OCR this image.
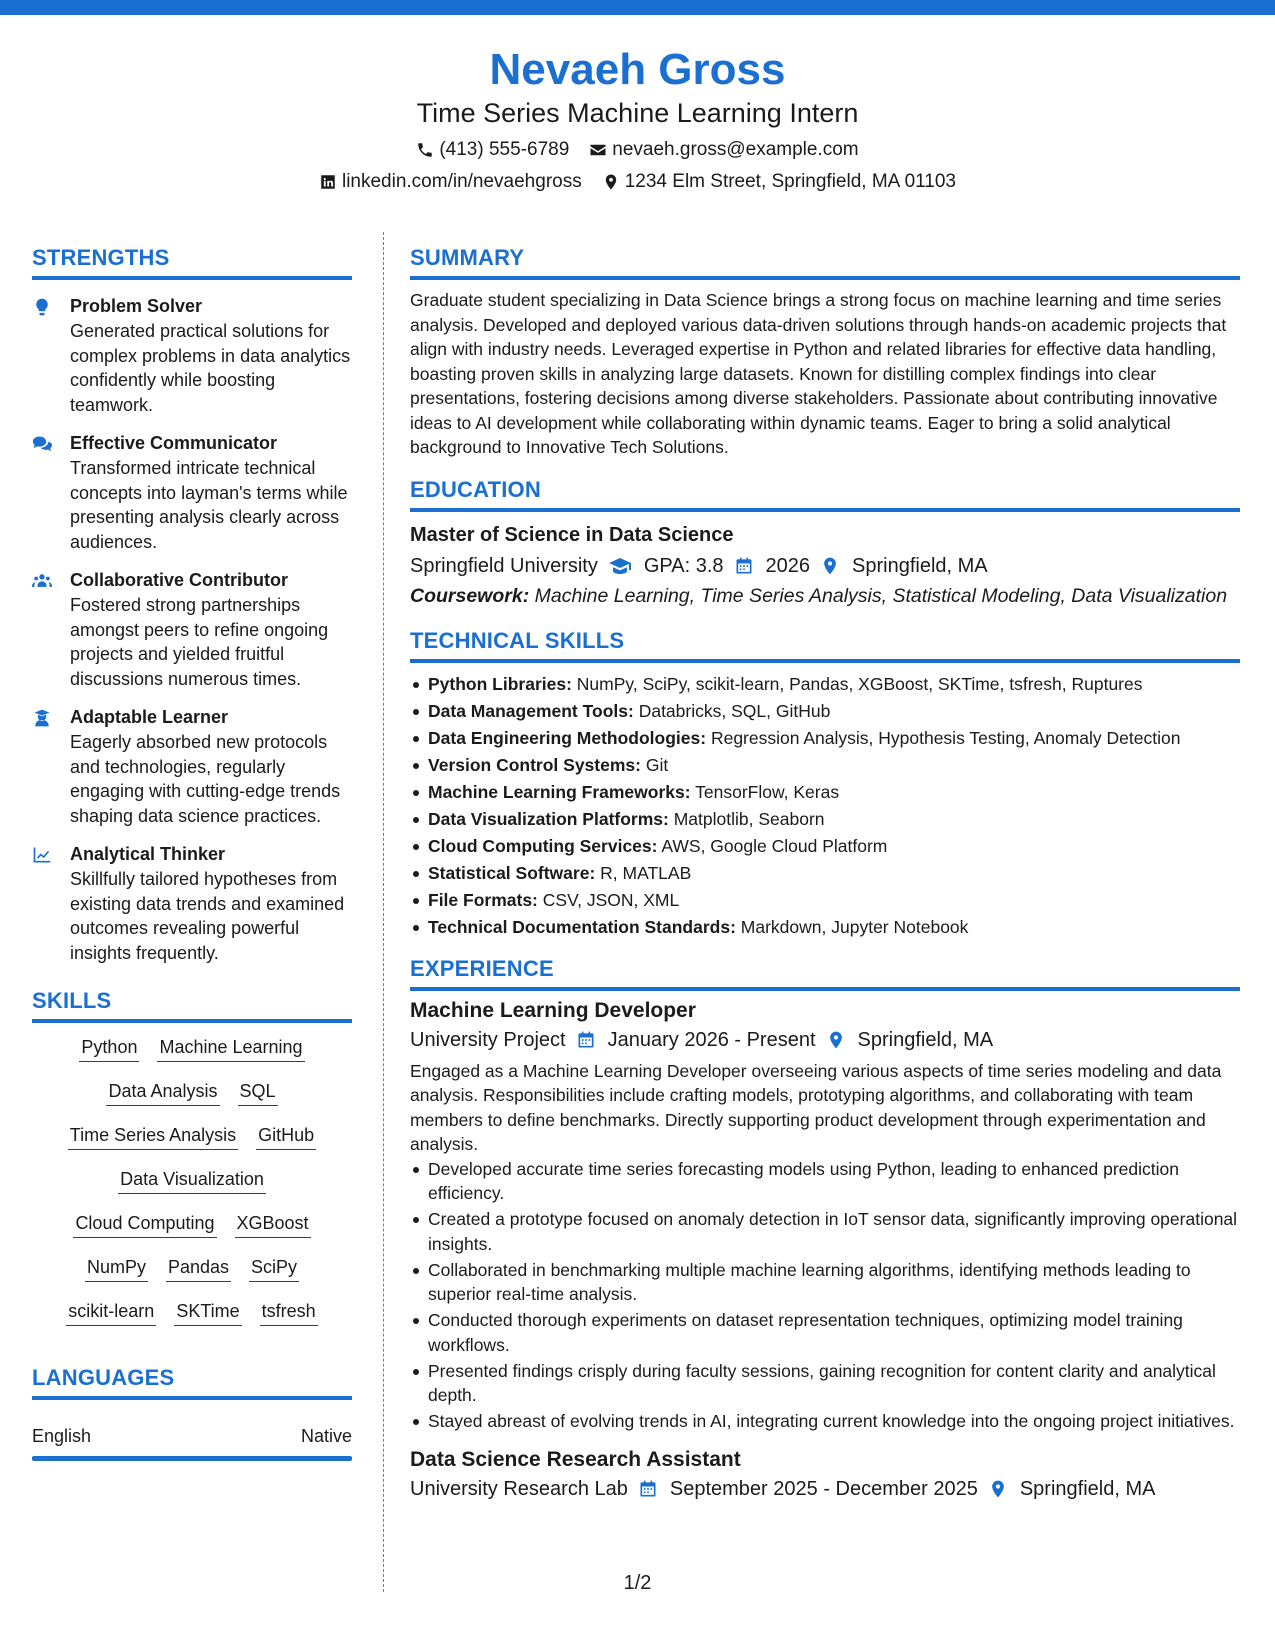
Nevaeh Gross
Time Series Machine Learning Intern
(413) 555-6789 nevaeh.gross@example.com
linkedin.com/in/nevaehgross 1234 Elm Street, Springfield, MA 01103
STRENGTHS
Problem Solver
Generated practical solutions for complex problems in data analytics confidently while boosting teamwork.
Effective Communicator
Transformed intricate technical concepts into layman's terms while presenting analysis clearly across audiences.
Collaborative Contributor
Fostered strong partnerships amongst peers to refine ongoing projects and yielded fruitful discussions numerous times.
Adaptable Learner
Eagerly absorbed new protocols and technologies, regularly engaging with cutting-edge trends shaping data science practices.
Analytical Thinker
Skillfully tailored hypotheses from existing data trends and examined outcomes revealing powerful insights frequently.
SKILLS
Python Machine Learning
Data Analysis SQL
Time Series Analysis GitHub
Data Visualization
Cloud Computing XGBoost
NumPy Pandas SciPy
scikit-learn SKTime tsfresh
LANGUAGES
English	Native
SUMMARY
Graduate student specializing in Data Science brings a strong focus on machine learning and time series analysis. Developed and deployed various data-driven solutions through hands-on academic projects that align with industry needs. Leveraged expertise in Python and related libraries for effective data handling, boasting proven skills in analyzing large datasets. Known for distilling complex findings into clear presentations, fostering decisions among diverse stakeholders. Passionate about contributing innovative ideas to AI development while collaborating within dynamic teams. Eager to bring a solid analytical background to Innovative Tech Solutions.
EDUCATION
Master of Science in Data Science
Springfield University GPA: 3.8 2026 Springfield, MA
Coursework: Machine Learning, Time Series Analysis, Statistical Modeling, Data Visualization
TECHNICAL SKILLS
Python Libraries: NumPy, SciPy, scikit-learn, Pandas, XGBoost, SKTime, tsfresh, Ruptures
Data Management Tools: Databricks, SQL, GitHub
Data Engineering Methodologies: Regression Analysis, Hypothesis Testing, Anomaly Detection
Version Control Systems: Git
Machine Learning Frameworks: TensorFlow, Keras
Data Visualization Platforms: Matplotlib, Seaborn
Cloud Computing Services: AWS, Google Cloud Platform
Statistical Software: R, MATLAB
File Formats: CSV, JSON, XML
Technical Documentation Standards: Markdown, Jupyter Notebook
EXPERIENCE
Machine Learning Developer
University Project January 2026 - Present Springfield, MA
Engaged as a Machine Learning Developer overseeing various aspects of time series modeling and data analysis. Responsibilities include crafting models, prototyping algorithms, and collaborating with team members to define benchmarks. Directly supporting product development through experimentation and analysis.
Developed accurate time series forecasting models using Python, leading to enhanced prediction efficiency.
Created a prototype focused on anomaly detection in IoT sensor data, significantly improving operational insights.
Collaborated in benchmarking multiple machine learning algorithms, identifying methods leading to superior real-time analysis.
Conducted thorough experiments on dataset representation techniques, optimizing model training workflows.
Presented findings crisply during faculty sessions, gaining recognition for content clarity and analytical depth.
Stayed abreast of evolving trends in AI, integrating current knowledge into the ongoing project initiatives.
Data Science Research Assistant
University Research Lab September 2025 - December 2025 Springfield, MA
1/2
